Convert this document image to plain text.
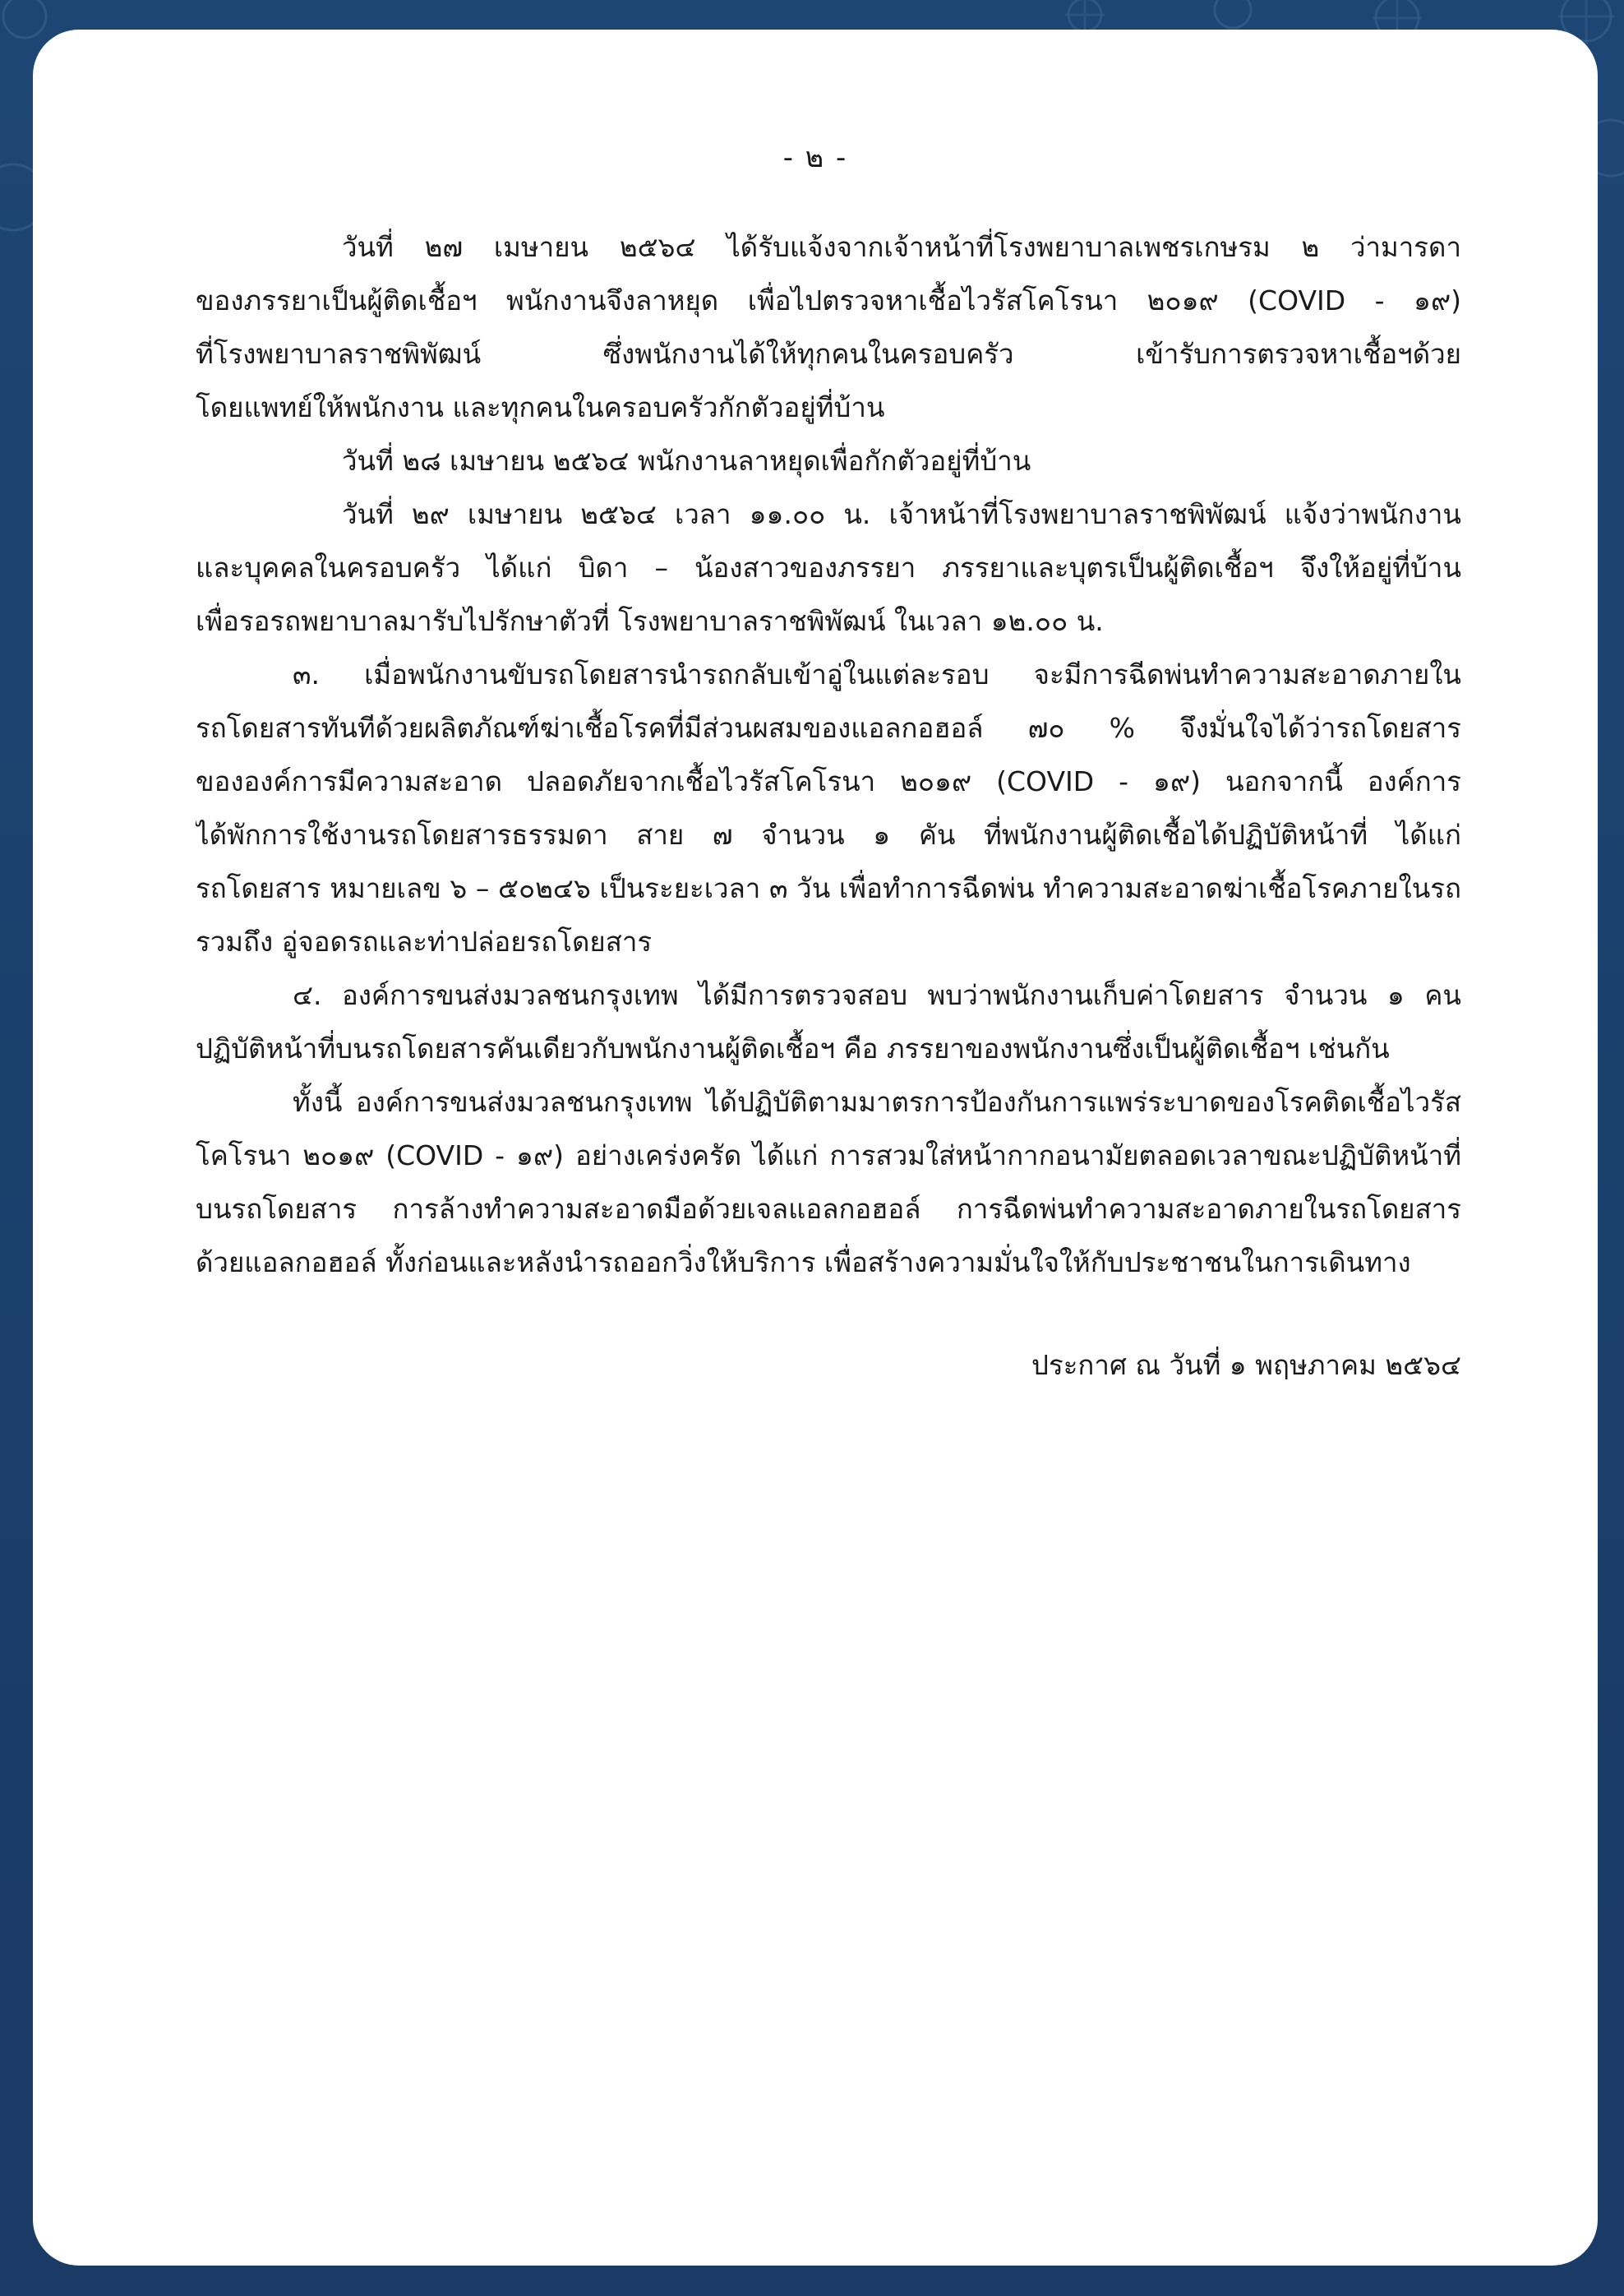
- ๒ -
วันที่ ๒๗ เมษายน ๒๕๖๔ ได้รับแจ้งจากเจ้าหน้าที่โรงพยาบาลเพชรเกษรม ๒ ว่ามารดา
ของภรรยาเป็นผู้ติดเชื้อฯ พนักงานจึงลาหยุด เพื่อไปตรวจหาเชื้อไวรัสโคโรนา ๒๐๑๙ (COVID - ๑๙)
ที่โรงพยาบาลราชพิพัฒน์ ซึ่งพนักงานได้ให้ทุกคนในครอบครัว เข้ารับการตรวจหาเชื้อฯด้วย
โดยแพทย์ให้พนักงาน และทุกคนในครอบครัวกักตัวอยู่ที่บ้าน
วันที่ ๒๘ เมษายน ๒๕๖๔ พนักงานลาหยุดเพื่อกักตัวอยู่ที่บ้าน
วันที่ ๒๙ เมษายน ๒๕๖๔ เวลา ๑๑.๐๐ น. เจ้าหน้าที่โรงพยาบาลราชพิพัฒน์ แจ้งว่าพนักงาน
และบุคคลในครอบครัว ได้แก่ บิดา – น้องสาวของภรรยา ภรรยาและบุตรเป็นผู้ติดเชื้อฯ จึงให้อยู่ที่บ้าน
เพื่อรอรถพยาบาลมารับไปรักษาตัวที่ โรงพยาบาลราชพิพัฒน์ ในเวลา ๑๒.๐๐ น.
๓. เมื่อพนักงานขับรถโดยสารนำรถกลับเข้าอู่ในแต่ละรอบ จะมีการฉีดพ่นทำความสะอาดภายใน
รถโดยสารทันทีด้วยผลิตภัณฑ์ฆ่าเชื้อโรคที่มีส่วนผสมของแอลกอฮอล์ ๗๐ % จึงมั่นใจได้ว่ารถโดยสาร
ขององค์การมีความสะอาด ปลอดภัยจากเชื้อไวรัสโคโรนา ๒๐๑๙ (COVID - ๑๙) นอกจากนี้ องค์การ
ได้พักการใช้งานรถโดยสารธรรมดา สาย ๗ จำนวน ๑ คัน ที่พนักงานผู้ติดเชื้อได้ปฏิบัติหน้าที่ ได้แก่
รถโดยสาร หมายเลข ๖ – ๕๐๒๔๖ เป็นระยะเวลา ๓ วัน เพื่อทำการฉีดพ่น ทำความสะอาดฆ่าเชื้อโรคภายในรถ
รวมถึง อู่จอดรถและท่าปล่อยรถโดยสาร
๔. องค์การขนส่งมวลชนกรุงเทพ ได้มีการตรวจสอบ พบว่าพนักงานเก็บค่าโดยสาร จำนวน ๑ คน
ปฏิบัติหน้าที่บนรถโดยสารคันเดียวกับพนักงานผู้ติดเชื้อฯ คือ ภรรยาของพนักงานซึ่งเป็นผู้ติดเชื้อฯ เช่นกัน
ทั้งนี้ องค์การขนส่งมวลชนกรุงเทพ ได้ปฏิบัติตามมาตรการป้องกันการแพร่ระบาดของโรคติดเชื้อไวรัส
โคโรนา ๒๐๑๙ (COVID - ๑๙) อย่างเคร่งครัด ได้แก่ การสวมใส่หน้ากากอนามัยตลอดเวลาขณะปฏิบัติหน้าที่
บนรถโดยสาร การล้างทำความสะอาดมือด้วยเจลแอลกอฮอล์ การฉีดพ่นทำความสะอาดภายในรถโดยสาร
ด้วยแอลกอฮอล์ ทั้งก่อนและหลังนำรถออกวิ่งให้บริการ เพื่อสร้างความมั่นใจให้กับประชาชนในการเดินทาง
ประกาศ ณ วันที่ ๑ พฤษภาคม ๒๕๖๔
